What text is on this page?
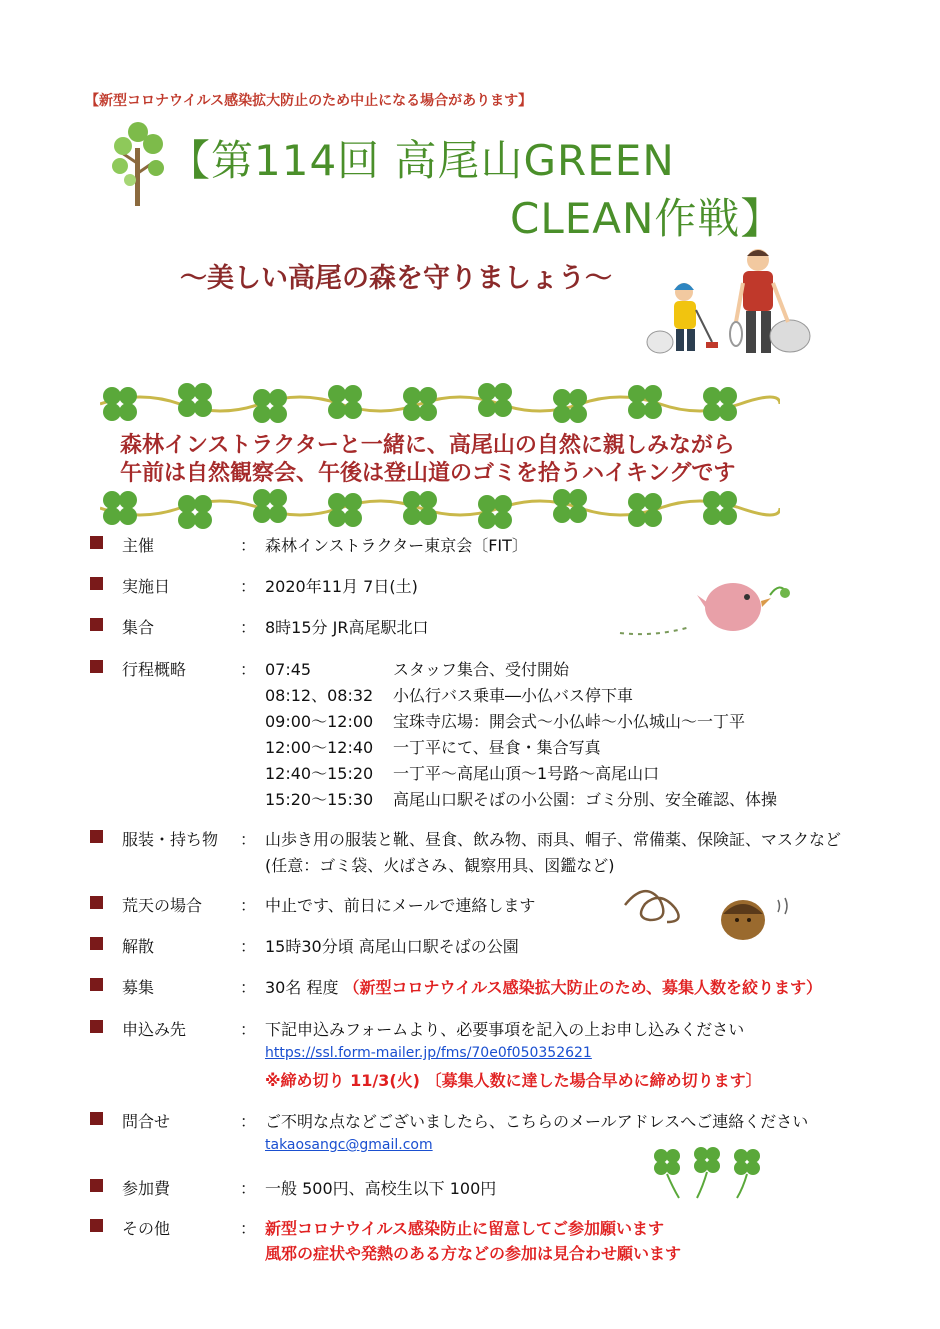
【新型コロナウイルス感染拡大防止のため中止になる場合があります】
【第114回 高尾山GREEN
CLEAN作戦】
～美しい高尾の森を守りましょう～
森林インストラクターと一緒に、高尾山の自然に親しみながら
午前は自然観察会、午後は登山道のゴミを拾うハイキングです
主催	： 森林インストラクター東京会〔FIT〕
実施日	： 2020年11月 7日(土)
集合	： 8時15分 JR高尾駅北口
行程概略	： 07:45	スタッフ集合、受付開始
08:12、08:32 小仏行バス乗車―小仏バス停下車
09:00～12:00 宝珠寺広場：開会式～小仏峠～小仏城山～一丁平
12:00～12:40 一丁平にて、昼食・集合写真
12:40～15:20 一丁平～高尾山頂～1号路～高尾山口
15:20～15:30 高尾山口駅そばの小公園：ゴミ分別、安全確認、体操
服装・持ち物 ： 山歩き用の服装と靴、昼食、飲み物、雨具、帽子、常備薬、保険証、マスクなど
(任意：ゴミ袋、火ばさみ、観察用具、図鑑など)
荒天の場合 ： 中止です、前日にメールで連絡します
解散	： 15時30分頃 高尾山口駅そばの公園
募集	： 30名 程度 （新型コロナウイルス感染拡大防止のため、募集人数を絞ります）
申込み先	： 下記申込みフォームより、必要事項を記入の上お申し込みください
https://ssl.form-mailer.jp/fms/70e0f050352621
※締め切り 11/3(火) 〔募集人数に達した場合早めに締め切ります〕
問合せ	： ご不明な点などございましたら、こちらのメールアドレスへご連絡ください
takaosangc@gmail.com
参加費	： 一般 500円、高校生以下 100円
その他	： 新型コロナウイルス感染防止に留意してご参加願います
風邪の症状や発熱のある方などの参加は見合わせ願います
